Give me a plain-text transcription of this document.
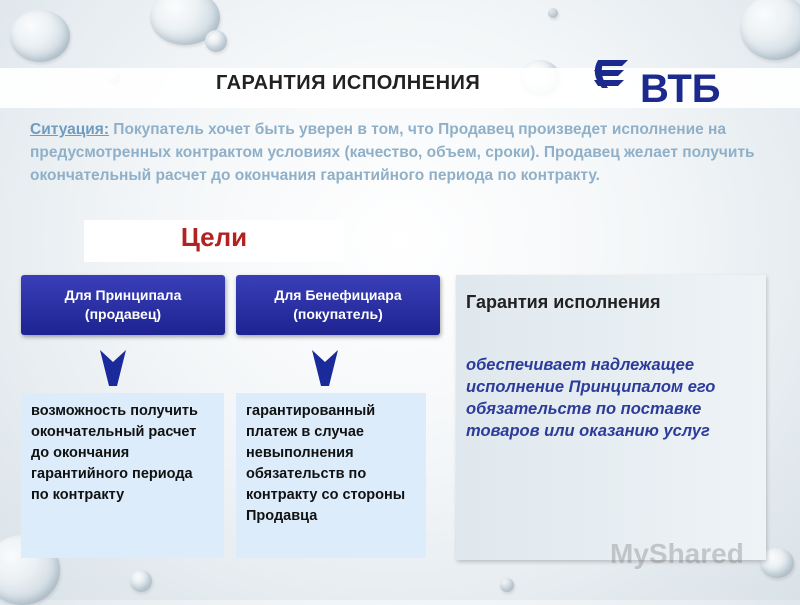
ГАРАНТИЯ ИСПОЛНЕНИЯ	ВТБ
Ситуация: Покупатель хочет быть уверен в том, что Продавец произведет исполнение на предусмотренных контрактом условиях (качество, объем, сроки). Продавец желает получить окончательный расчет до окончания гарантийного периода по контракту.
Цели
Для Принципала (продавец)
Для Бенефициара (покупатель)
возможность получить окончательный расчет до окончания гарантийного периода по контракту
гарантированный платеж в случае невыполнения обязательств по контракту со стороны Продавца
Гарантия исполнения
обеспечивает надлежащее исполнение Принципалом его обязательств по поставке товаров или оказанию услуг
MyShared
